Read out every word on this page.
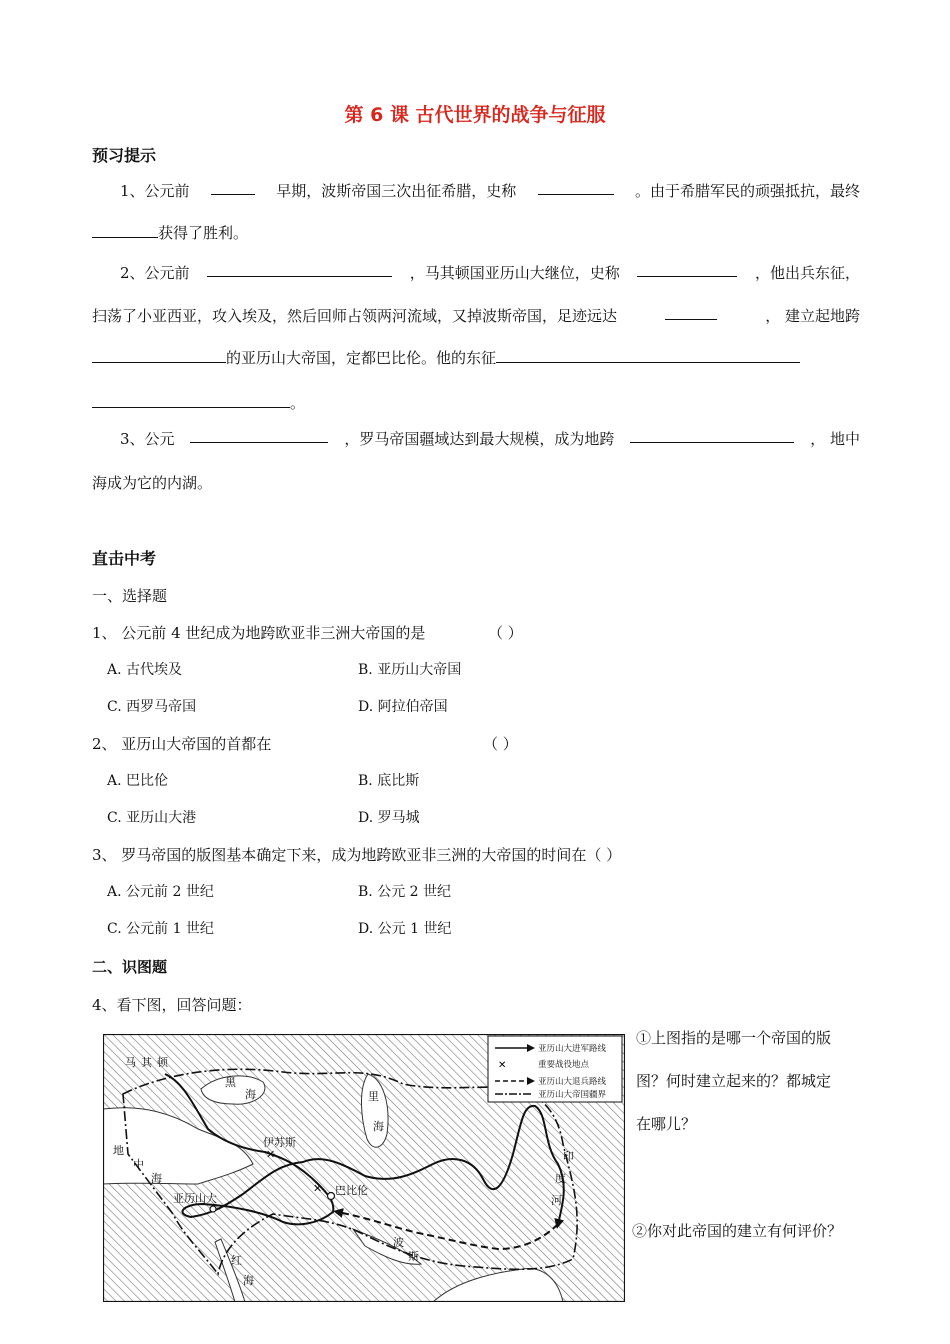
第 6 课 古代世界的战争与征服
预习提示
1、公元前	早期，波斯帝国三次出征希腊，史称	。由于希腊军民的顽强抵抗，最终
获得了胜利。
2、公元前	，马其顿国亚历山大继位，史称	，他出兵东征，
扫荡了小亚西亚，攻入埃及，然后回师占领两河流域，又掉波斯帝国，足迹远达	， 建立起地跨
的亚历山大帝国，定都巴比伦。他的东征
。
3、公元	，罗马帝国疆域达到最大规模，成为地跨	， 地中
海成为它的内湖。
直击中考
一、选择题
1、 公元前 4 世纪成为地跨欧亚非三洲大帝国的是	（ ）
A. 古代埃及	B. 亚历山大帝国
C. 西罗马帝国	D. 阿拉伯帝国
2、 亚历山大帝国的首都在	（ ）
A. 巴比伦	B. 底比斯
C. 亚历山大港	D. 罗马城
3、 罗马帝国的版图基本确定下来，成为地跨欧亚非三洲的大帝国的时间在（ ）
A. 公元前 2 世纪	B. 公元 2 世纪
C. 公元前 1 世纪	D. 公元 1 世纪
二、识图题
4、看下图，回答问题：
①上图指的是哪一个帝国的版
图？何时建立起来的？都城定
在哪儿？
②你对此帝国的建立有何评价？
✕
✕
马 其 顿
黑
海	里
海
地
中
海
伊苏斯
巴比伦
亚历山大
红
海
波
斯
印
度
河
✕
亚历山大进军路线
重要战役地点
亚历山大退兵路线
亚历山大帝国疆界
